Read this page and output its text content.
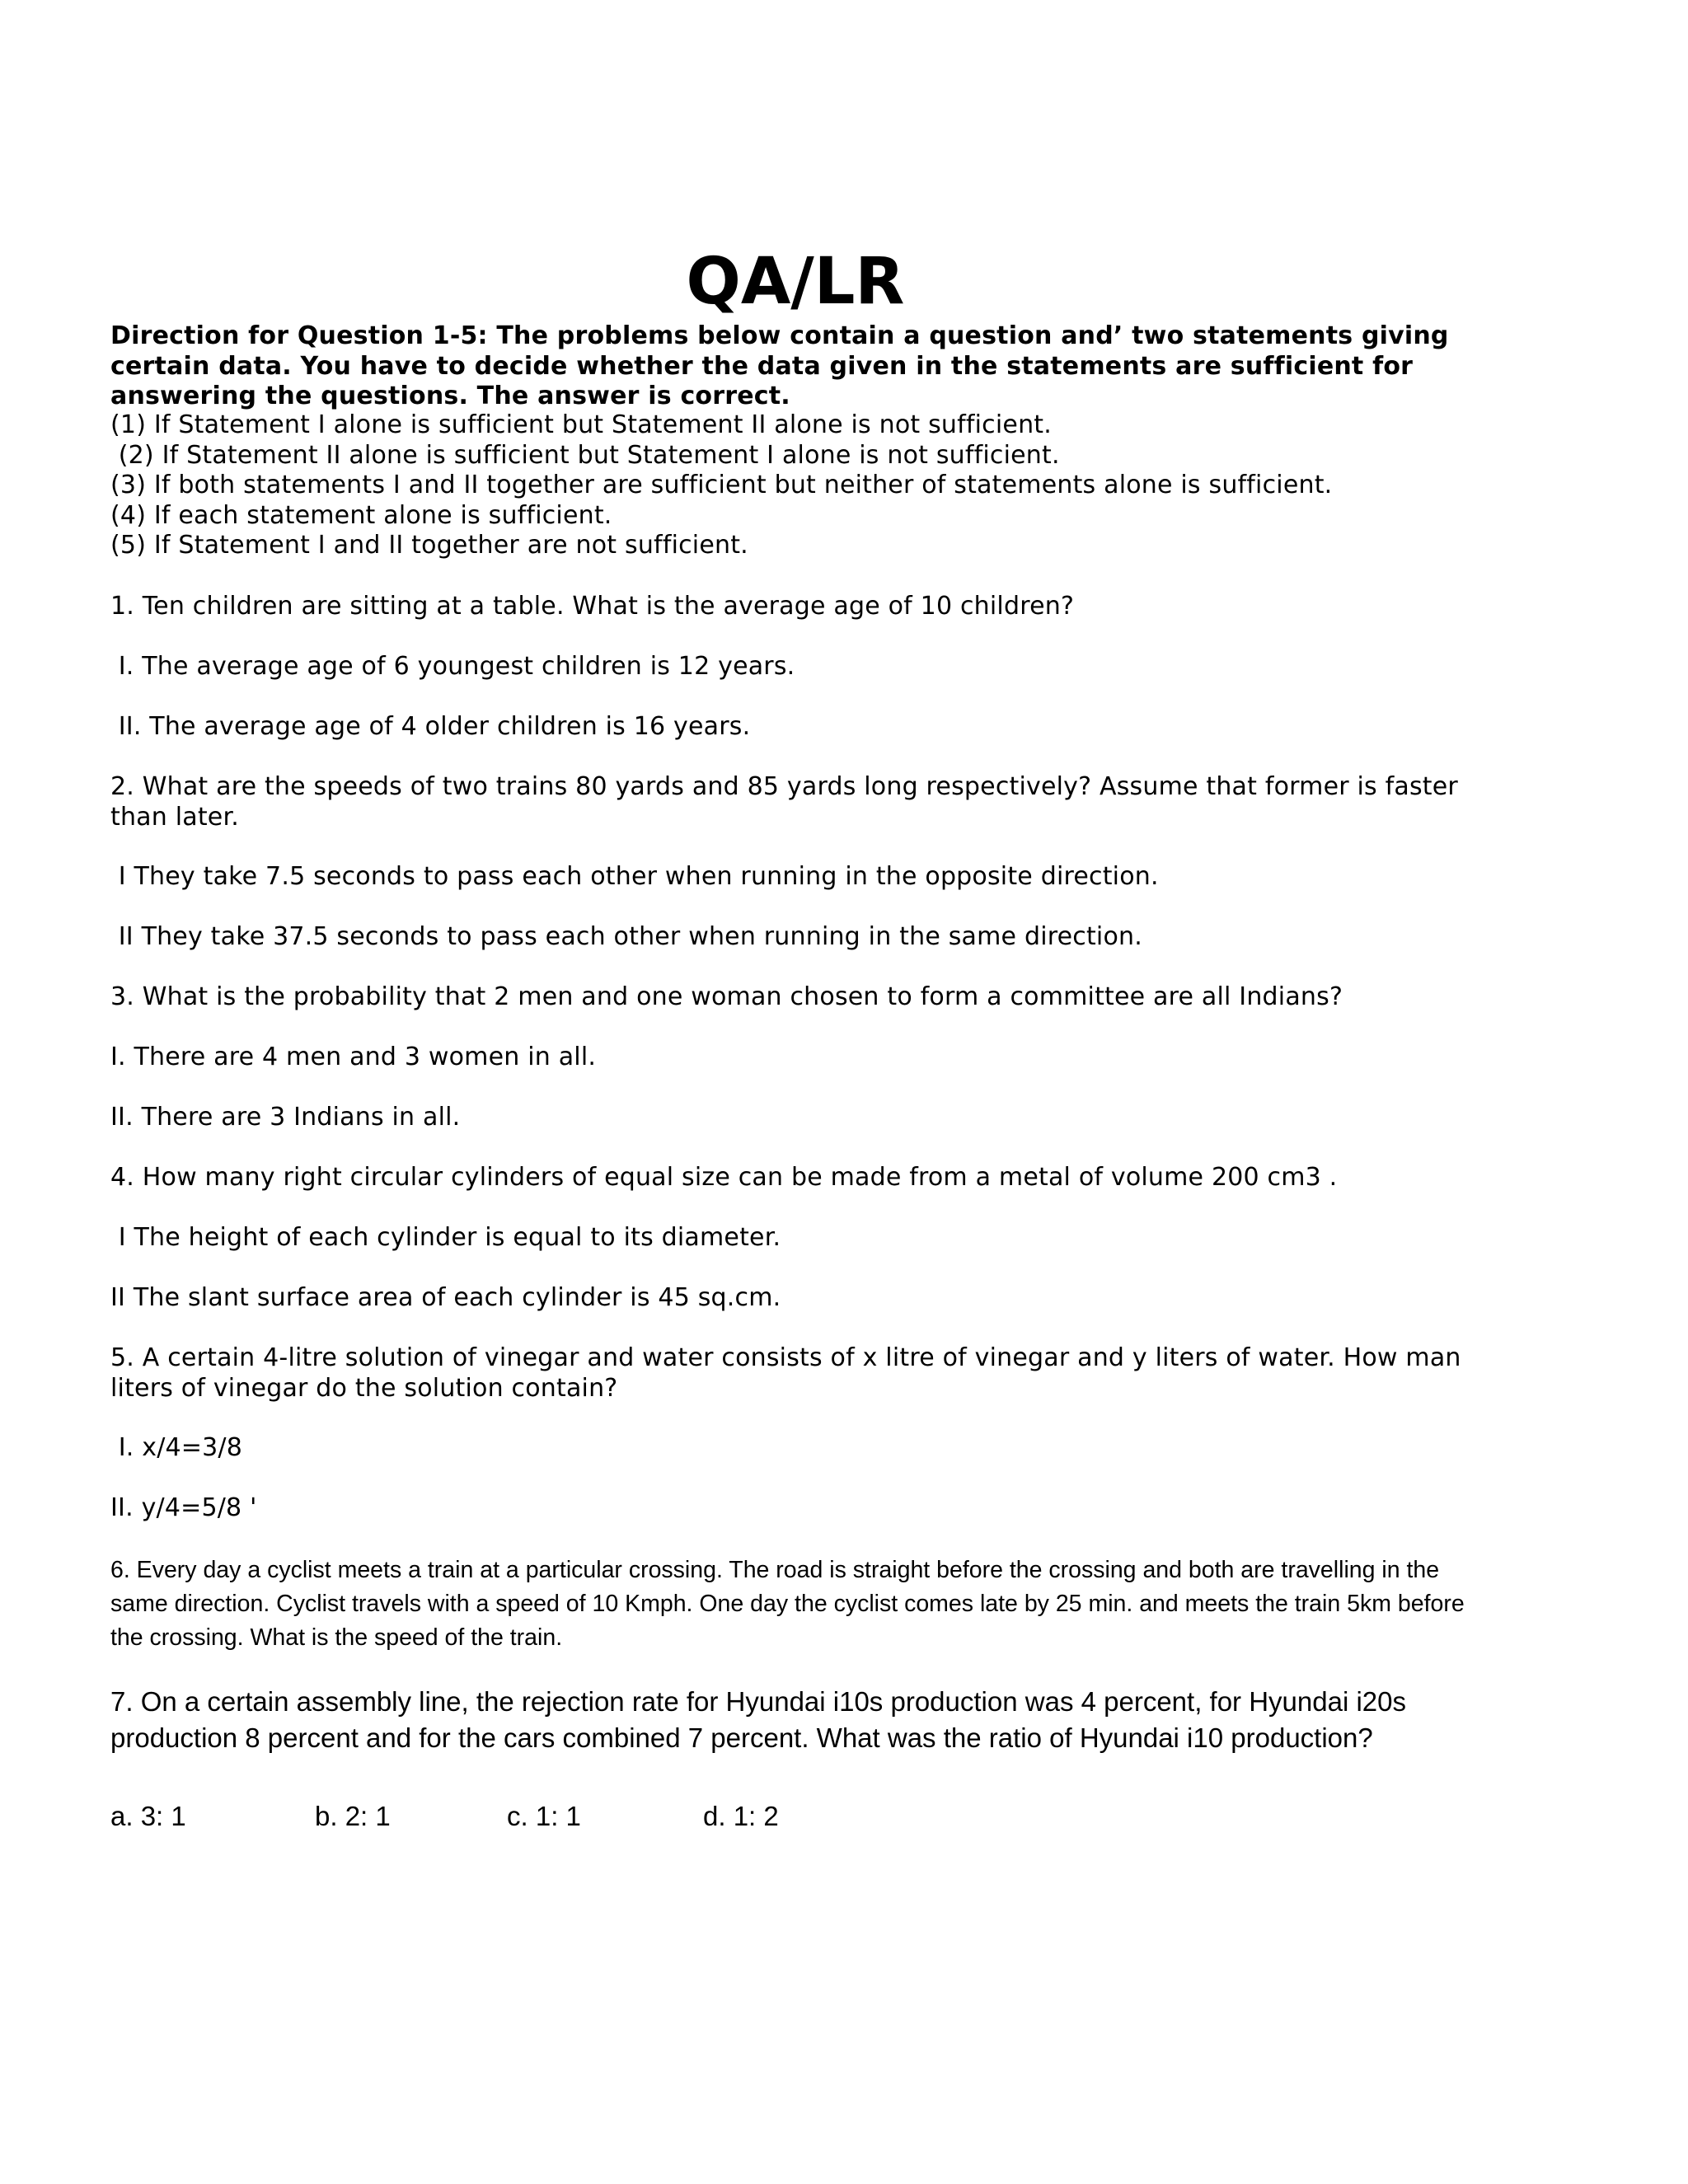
QA/LR

Direction for Question 1-5: The problems below contain a question and’ two statements giving certain data. You have to decide whether the data given in the statements are sufficient for answering the questions. The answer is correct.

(1) If Statement I alone is sufficient but Statement II alone is not sufficient.
(2) If Statement II alone is sufficient but Statement I alone is not sufficient.
(3) If both statements I and II together are sufficient but neither of statements alone is sufficient.
(4) If each statement alone is sufficient.
(5) If Statement I and II together are not sufficient.

1. Ten children are sitting at a table. What is the average age of 10 children?

I. The average age of 6 youngest children is 12 years.

II. The average age of 4 older children is 16 years.

2. What are the speeds of two trains 80 yards and 85 yards long respectively? Assume that former is faster than later.

I They take 7.5 seconds to pass each other when running in the opposite direction.

II They take 37.5 seconds to pass each other when running in the same direction.

3. What is the probability that 2 men and one woman chosen to form a committee are all Indians?

I. There are 4 men and 3 women in all.

II. There are 3 Indians in all.

4. How many right circular cylinders of equal size can be made from a metal of volume 200 cm3 .

I The height of each cylinder is equal to its diameter.

II The slant surface area of each cylinder is 45 sq.cm.

5. A certain 4-litre solution of vinegar and water consists of x litre of vinegar and y liters of water. How man liters of vinegar do the solution contain?

I. x/4=3/8

II. y/4=5/8 '

6. Every day a cyclist meets a train at a particular crossing. The road is straight before the crossing and both are travelling in the same direction. Cyclist travels with a speed of 10 Kmph. One day the cyclist comes late by 25 min. and meets the train 5km before the crossing. What is the speed of the train.

7. On a certain assembly line, the rejection rate for Hyundai i10s production was 4 percent, for Hyundai i20s production 8 percent and for the cars combined 7 percent. What was the ratio of Hyundai i10 production?

a. 3: 1	b. 2: 1	c. 1: 1	d. 1: 2
